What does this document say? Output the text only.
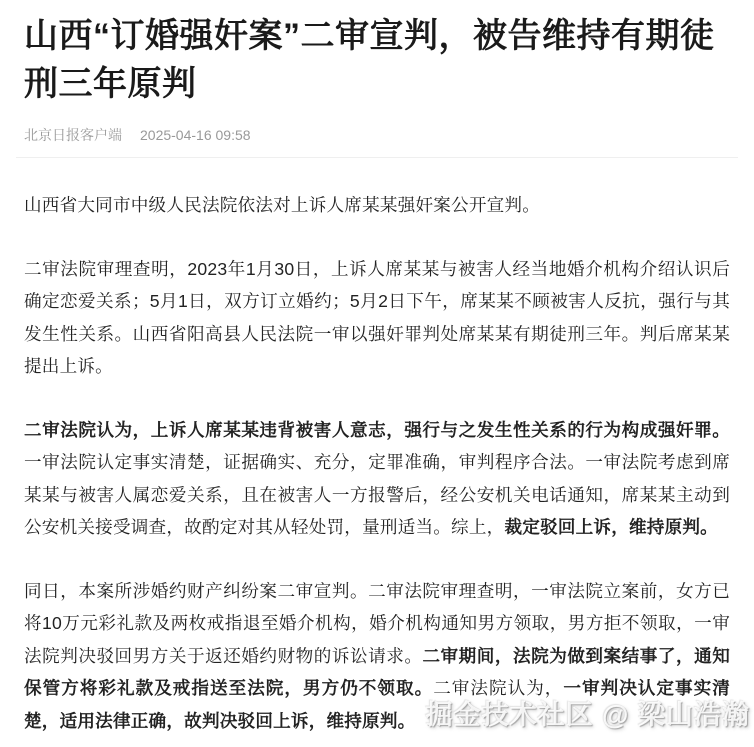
山西“订婚强奸案”二审宣判，被告维持有期徒刑三年原判
北京日报客户端 2025-04-16 09:58

山西省大同市中级人民法院依法对上诉人席某某强奸案公开宣判。

二审法院审理查明，2023年1月30日，上诉人席某某与被害人经当地婚介机构介绍认识后确定恋爱关系；5月1日，双方订立婚约；5月2日下午，席某某不顾被害人反抗，强行与其发生性关系。山西省阳高县人民法院一审以强奸罪判处席某某有期徒刑三年。判后席某某提出上诉。

二审法院认为，上诉人席某某违背被害人意志，强行与之发生性关系的行为构成强奸罪。一审法院认定事实清楚，证据确实、充分，定罪准确，审判程序合法。一审法院考虑到席某某与被害人属恋爱关系，且在被害人一方报警后，经公安机关电话通知，席某某主动到公安机关接受调查，故酌定对其从轻处罚，量刑适当。综上，裁定驳回上诉，维持原判。

同日，本案所涉婚约财产纠纷案二审宣判。二审法院审理查明，一审法院立案前，女方已将10万元彩礼款及两枚戒指退至婚介机构，婚介机构通知男方领取，男方拒不领取，一审法院判决驳回男方关于返还婚约财物的诉讼请求。二审期间，法院为做到案结事了，通知保管方将彩礼款及戒指送至法院，男方仍不领取。二审法院认为，一审判决认定事实清楚，适用法律正确，故判决驳回上诉，维持原判。 掘金技术社区 @ 梁山浩瀚
